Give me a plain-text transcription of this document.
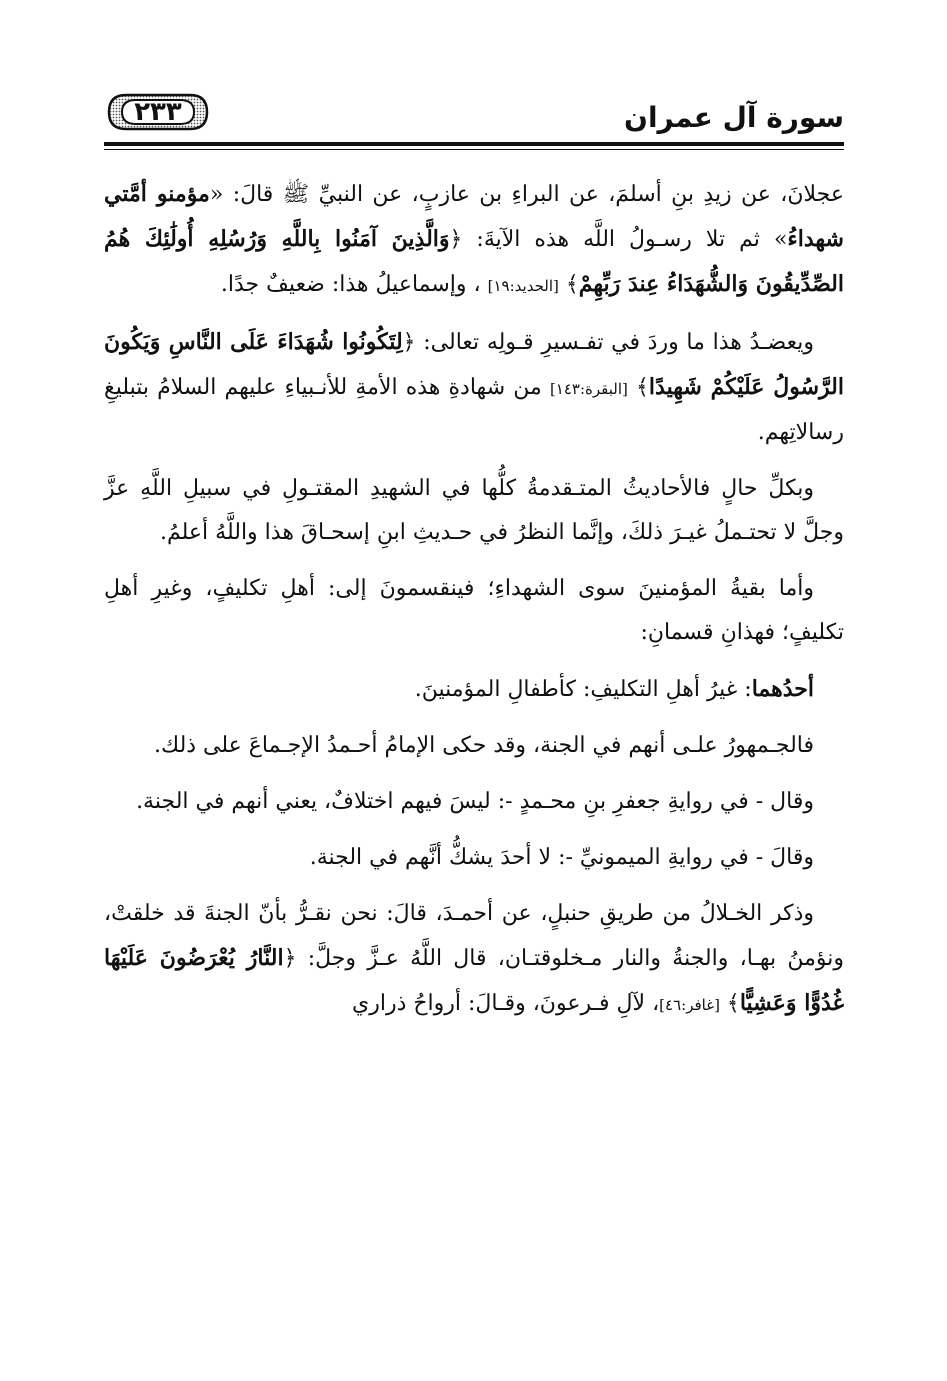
سورة آل عمران
٢٣٣

عجلانَ، عن زيدِ بنِ أسلمَ، عن البراءِ بن عازبٍ، عن النبيِّ ﷺ قالَ: «مؤمنو أمَّتي شهداءُ» ثم تلا رسـولُ اللَّه هذه الآيةَ: ﴿وَالَّذِينَ آمَنُوا بِاللَّهِ وَرُسُلِهِ أُولَٰئِكَ هُمُ الصِّدِّيقُونَ وَالشُّهَدَاءُ عِندَ رَبِّهِمْ﴾ [الحديد:١٩] ، وإسماعيلُ هذا: ضعيفٌ جدًا.

ويعضـدُ هذا ما وردَ في تفـسيرِ قـولِه تعالى: ﴿لِتَكُونُوا شُهَدَاءَ عَلَى النَّاسِ وَيَكُونَ الرَّسُولُ عَلَيْكُمْ شَهِيدًا﴾ [البقرة:١٤٣] من شهادةِ هذه الأمةِ للأنـبياءِ عليهم السلامُ بتبليغِ رسالاتِهم.

وبكلِّ حالٍ فالأحاديثُ المتـقدمةُ كلُّها في الشهيدِ المقتـولِ في سبيلِ اللَّهِ عزَّ وجلَّ لا تحتـملُ غيـرَ ذلكَ، وإنَّما النظرُ في حـديثِ ابنِ إسحـاقَ هذا واللَّهُ أعلمُ.

وأما بقيةُ المؤمنينَ سوى الشهداءِ؛ فينقسمونَ إلى: أهلِ تكليفٍ، وغيرِ أهلِ تكليفٍ؛ فهذانِ قسمانِ:

أحدُهما: غيرُ أهلِ التكليفِ: كأطفالِ المؤمنينَ.

فالجـمهورُ علـى أنهم في الجنة، وقد حكى الإمامُ أحـمدُ الإجـماعَ على ذلك.

وقال - في روايةِ جعفرِ بنِ محـمدٍ -: ليسَ فيهم اختلافٌ، يعني أنهم في الجنة.

وقالَ - في روايةِ الميمونيِّ -: لا أحدَ يشكُّ أنَّهم في الجنة.

وذكر الخـلالُ من طريقِ حنبلٍ، عن أحمـدَ، قالَ: نحن نقـرُّ بأنّ الجنةَ قد خلقتْ، ونؤمنُ بهـا، والجنةُ والنار مـخلوقتـان، قال اللَّهُ عـزَّ وجلَّ: ﴿النَّارُ يُعْرَضُونَ عَلَيْهَا غُدُوًّا وَعَشِيًّا﴾ [غافر:٤٦]، لآلِ فـرعونَ، وقـالَ: أرواحُ ذراري
